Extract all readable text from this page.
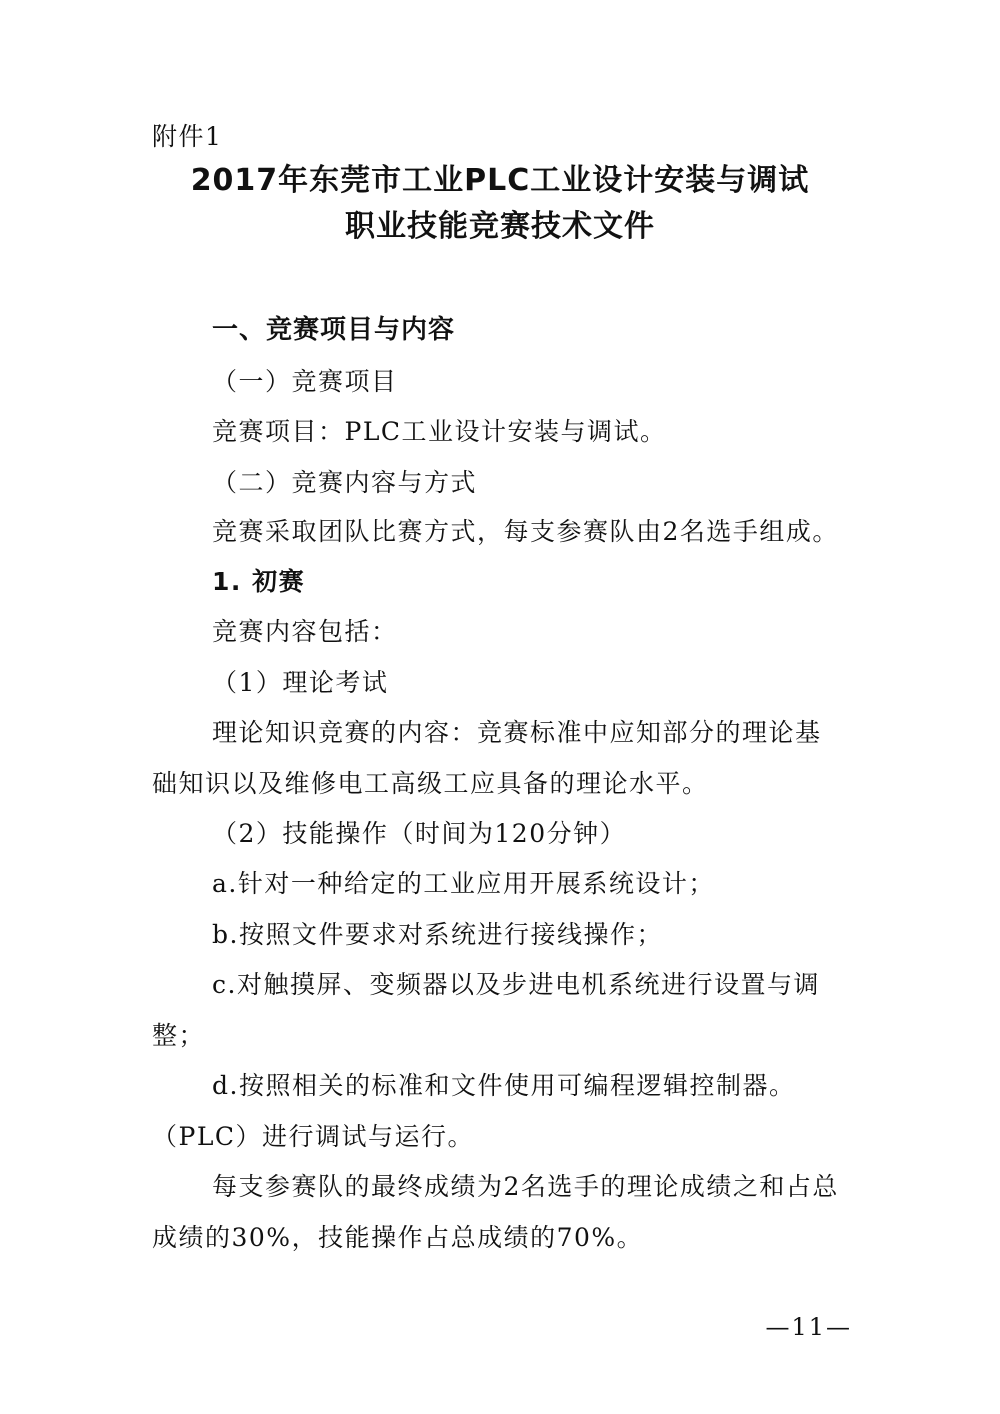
附件1
2017年东莞市工业PLC工业设计安装与调试
职业技能竞赛技术文件
一、竞赛项目与内容
（一）竞赛项目
竞赛项目：PLC工业设计安装与调试。
（二）竞赛内容与方式
竞赛采取团队比赛方式，每支参赛队由2名选手组成。
1. 初赛
竞赛内容包括：
（1）理论考试
理论知识竞赛的内容：竞赛标准中应知部分的理论基
础知识以及维修电工高级工应具备的理论水平。
（2）技能操作（时间为120分钟）
a.针对一种给定的工业应用开展系统设计；
b.按照文件要求对系统进行接线操作；
c.对触摸屏、变频器以及步进电机系统进行设置与调
整；
d.按照相关的标准和文件使用可编程逻辑控制器。
（PLC）进行调试与运行。
每支参赛队的最终成绩为2名选手的理论成绩之和占总
成绩的30%，技能操作占总成绩的70%。
—11—
